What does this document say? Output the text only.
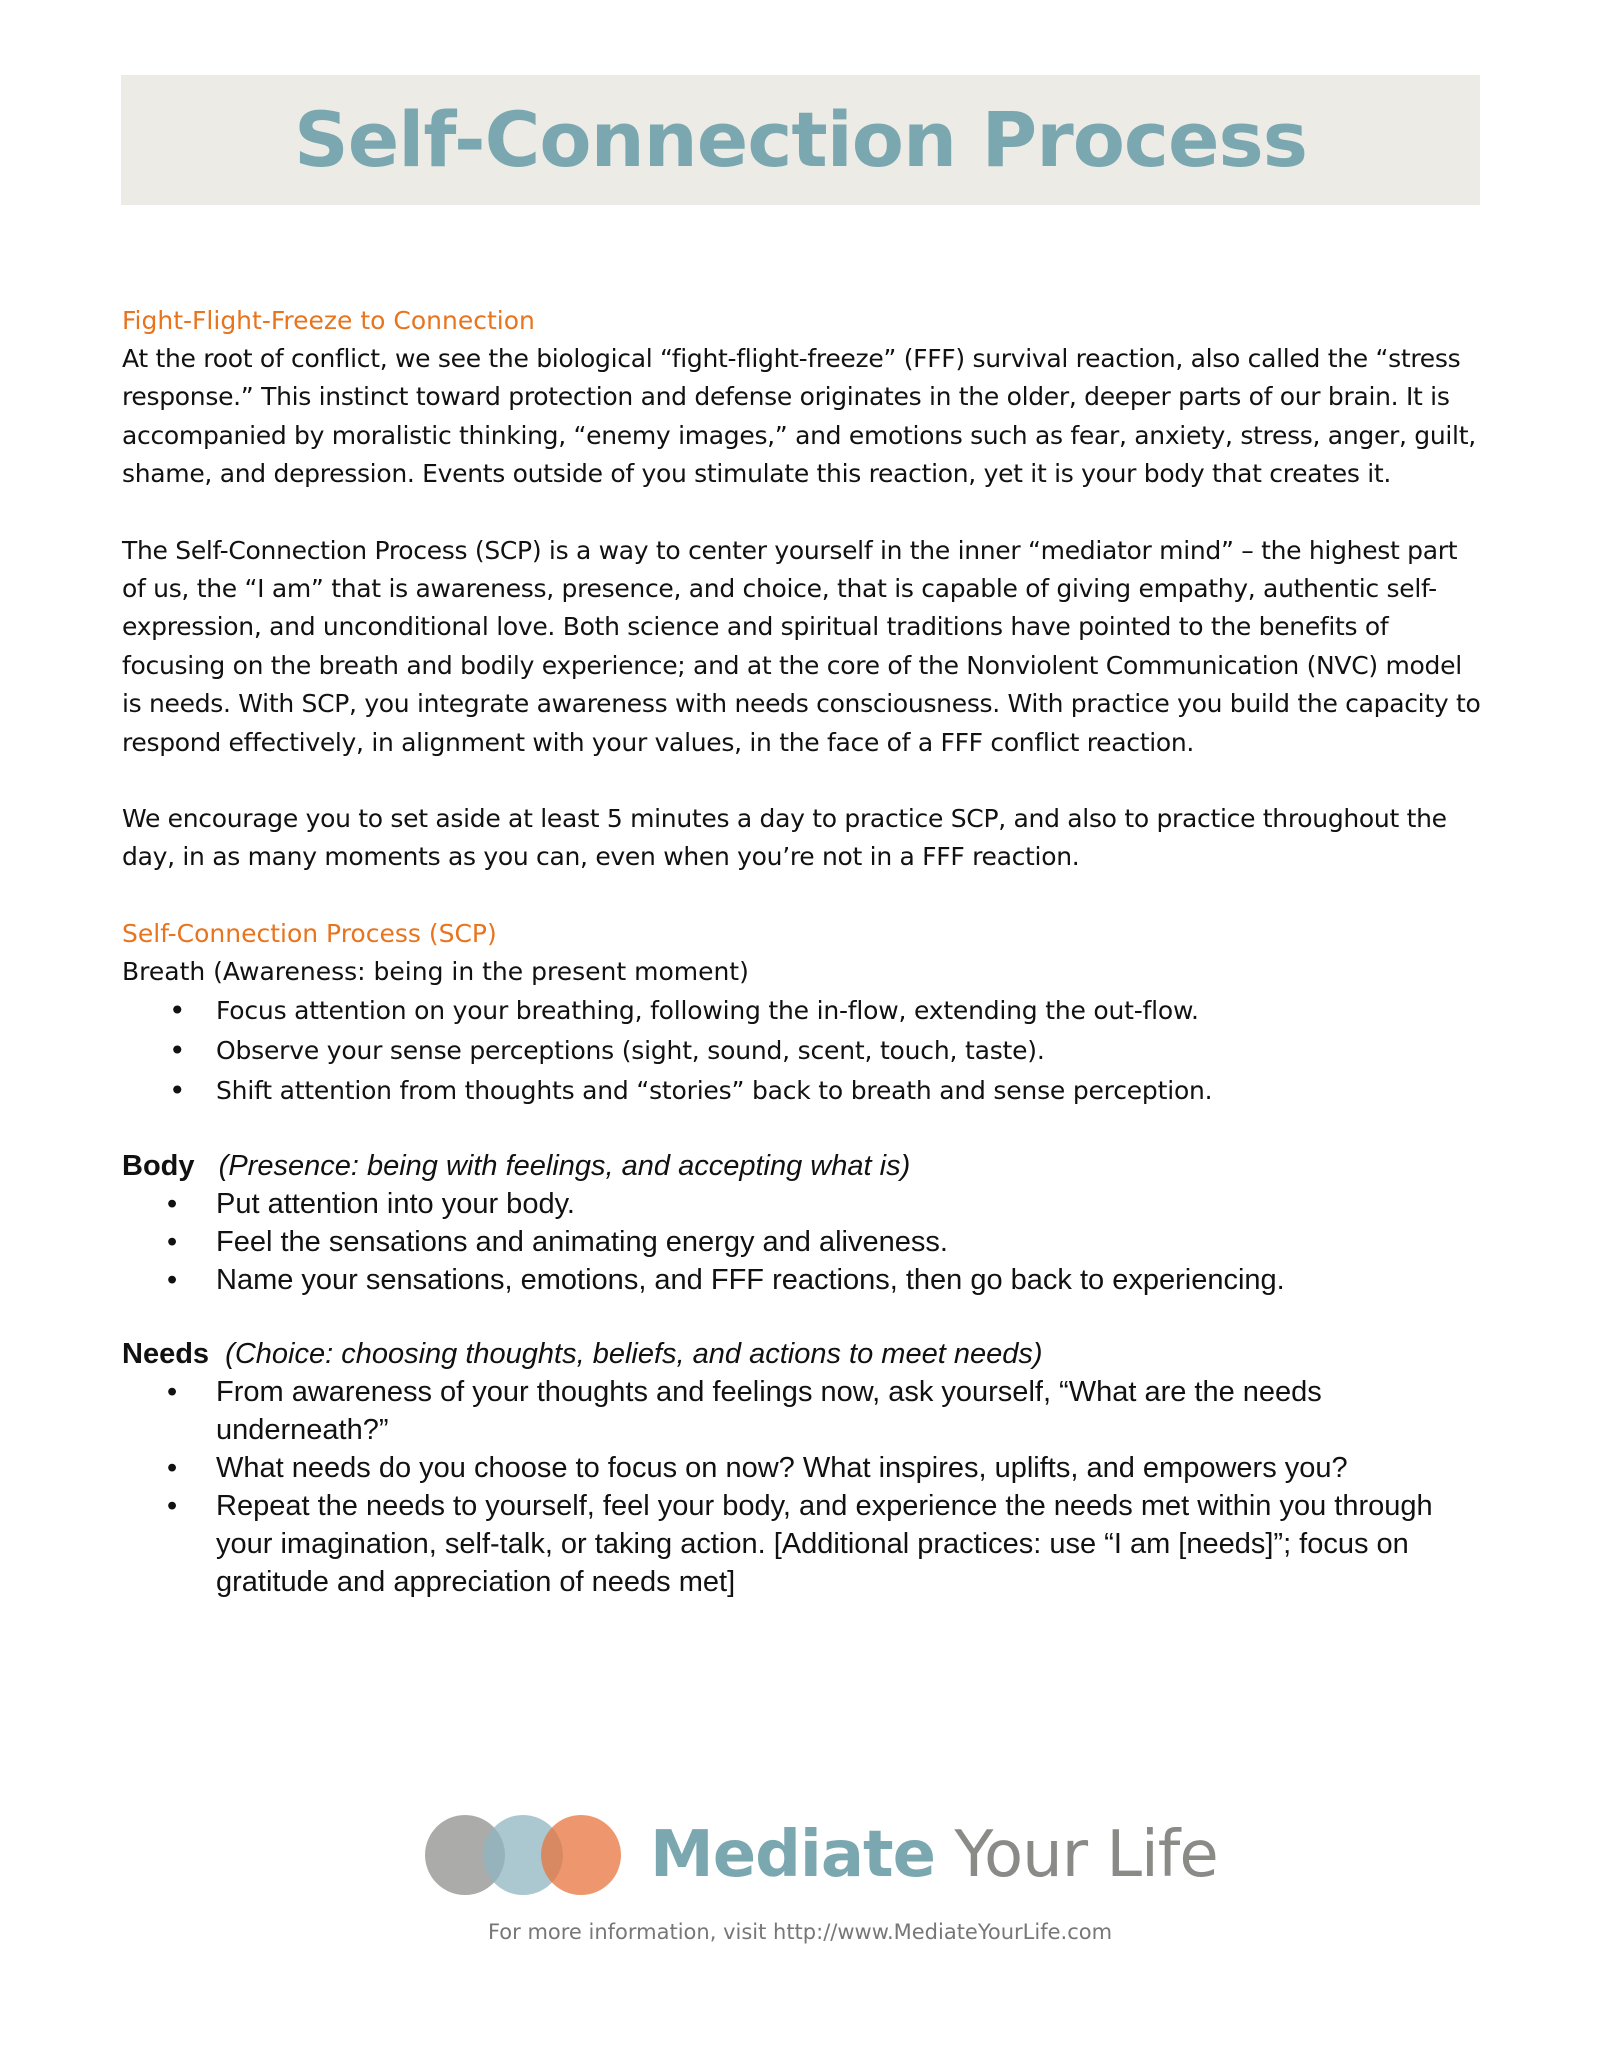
Self-Connection Process

Fight-Flight-Freeze to Connection

At the root of conflict, we see the biological “fight-flight-freeze” (FFF) survival reaction, also called the “stress response.” This instinct toward protection and defense originates in the older, deeper parts of our brain. It is accompanied by moralistic thinking, “enemy images,” and emotions such as fear, anxiety, stress, anger, guilt, shame, and depression. Events outside of you stimulate this reaction, yet it is your body that creates it.

The Self-Connection Process (SCP) is a way to center yourself in the inner “mediator mind” – the highest part of us, the “I am” that is awareness, presence, and choice, that is capable of giving empathy, authentic self-expression, and unconditional love. Both science and spiritual traditions have pointed to the benefits of focusing on the breath and bodily experience; and at the core of the Nonviolent Communication (NVC) model is needs. With SCP, you integrate awareness with needs consciousness. With practice you build the capacity to respond effectively, in alignment with your values, in the face of a FFF conflict reaction.

We encourage you to set aside at least 5 minutes a day to practice SCP, and also to practice throughout the day, in as many moments as you can, even when you’re not in a FFF reaction.

Self-Connection Process (SCP)

Breath (Awareness: being in the present moment)

• Focus attention on your breathing, following the in-flow, extending the out-flow.
• Observe your sense perceptions (sight, sound, scent, touch, taste).
• Shift attention from thoughts and “stories” back to breath and sense perception.

Body (Presence: being with feelings, and accepting what is)

• Put attention into your body.
• Feel the sensations and animating energy and aliveness.
• Name your sensations, emotions, and FFF reactions, then go back to experiencing.

Needs (Choice: choosing thoughts, beliefs, and actions to meet needs)

• From awareness of your thoughts and feelings now, ask yourself, “What are the needs underneath?”
• What needs do you choose to focus on now? What inspires, uplifts, and empowers you?
• Repeat the needs to yourself, feel your body, and experience the needs met within you through your imagination, self-talk, or taking action. [Additional practices: use “I am [needs]”; focus on gratitude and appreciation of needs met]
Mediate Your Life
For more information, visit http://www.MediateYourLife.com
